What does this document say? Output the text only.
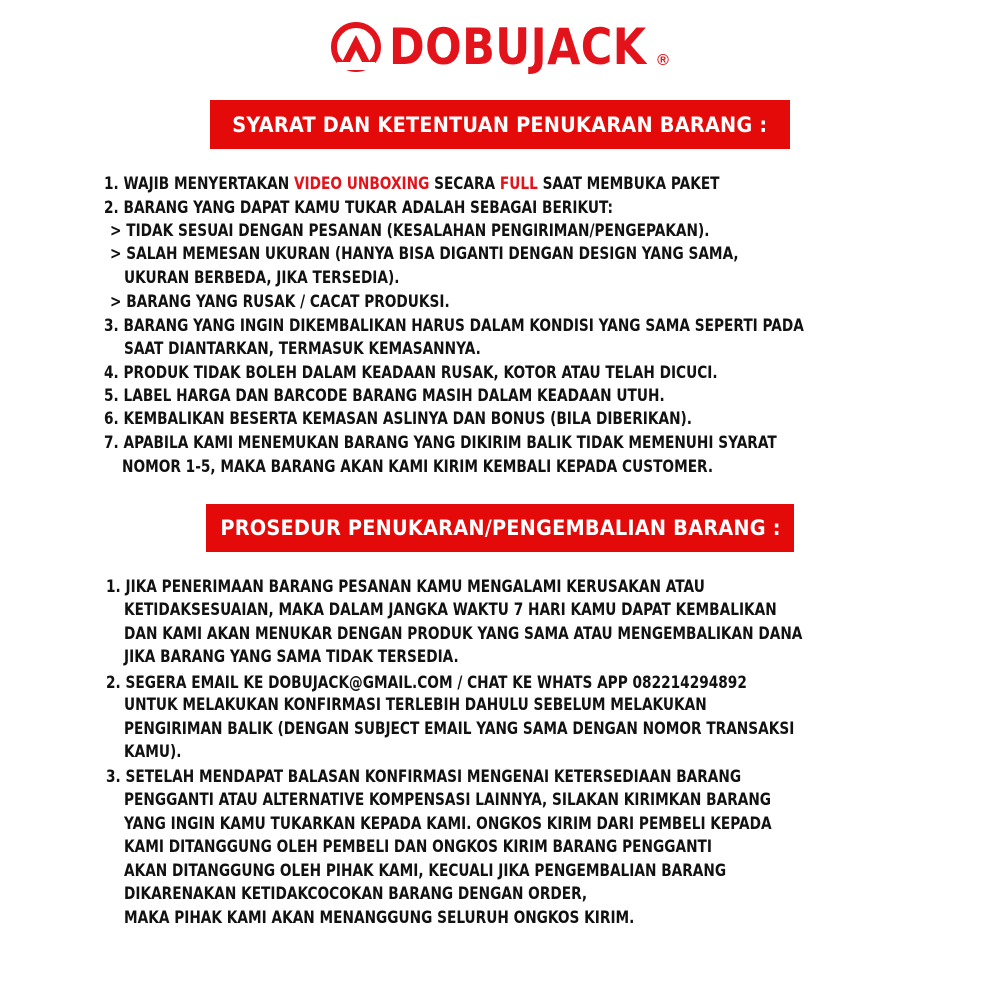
DOBUJACK ®
SYARAT DAN KETENTUAN PENUKARAN BARANG :
1. WAJIB MENYERTAKAN VIDEO UNBOXING SECARA FULL SAAT MEMBUKA PAKET
2. BARANG YANG DAPAT KAMU TUKAR ADALAH SEBAGAI BERIKUT:
> TIDAK SESUAI DENGAN PESANAN (KESALAHAN PENGIRIMAN/PENGEPAKAN).
> SALAH MEMESAN UKURAN (HANYA BISA DIGANTI DENGAN DESIGN YANG SAMA,
UKURAN BERBEDA, JIKA TERSEDIA).
> BARANG YANG RUSAK / CACAT PRODUKSI.
3. BARANG YANG INGIN DIKEMBALIKAN HARUS DALAM KONDISI YANG SAMA SEPERTI PADA
SAAT DIANTARKAN, TERMASUK KEMASANNYA.
4. PRODUK TIDAK BOLEH DALAM KEADAAN RUSAK, KOTOR ATAU TELAH DICUCI.
5. LABEL HARGA DAN BARCODE BARANG MASIH DALAM KEADAAN UTUH.
6. KEMBALIKAN BESERTA KEMASAN ASLINYA DAN BONUS (BILA DIBERIKAN).
7. APABILA KAMI MENEMUKAN BARANG YANG DIKIRIM BALIK TIDAK MEMENUHI SYARAT
NOMOR 1-5, MAKA BARANG AKAN KAMI KIRIM KEMBALI KEPADA CUSTOMER.
PROSEDUR PENUKARAN/PENGEMBALIAN BARANG :
1. JIKA PENERIMAAN BARANG PESANAN KAMU MENGALAMI KERUSAKAN ATAU
KETIDAKSESUAIAN, MAKA DALAM JANGKA WAKTU 7 HARI KAMU DAPAT KEMBALIKAN
DAN KAMI AKAN MENUKAR DENGAN PRODUK YANG SAMA ATAU MENGEMBALIKAN DANA
JIKA BARANG YANG SAMA TIDAK TERSEDIA.
2. SEGERA EMAIL KE DOBUJACK@GMAIL.COM / CHAT KE WHATS APP 082214294892
UNTUK MELAKUKAN KONFIRMASI TERLEBIH DAHULU SEBELUM MELAKUKAN
PENGIRIMAN BALIK (DENGAN SUBJECT EMAIL YANG SAMA DENGAN NOMOR TRANSAKSI
KAMU).
3. SETELAH MENDAPAT BALASAN KONFIRMASI MENGENAI KETERSEDIAAN BARANG
PENGGANTI ATAU ALTERNATIVE KOMPENSASI LAINNYA, SILAKAN KIRIMKAN BARANG
YANG INGIN KAMU TUKARKAN KEPADA KAMI. ONGKOS KIRIM DARI PEMBELI KEPADA
KAMI DITANGGUNG OLEH PEMBELI DAN ONGKOS KIRIM BARANG PENGGANTI
AKAN DITANGGUNG OLEH PIHAK KAMI, KECUALI JIKA PENGEMBALIAN BARANG
DIKARENAKAN KETIDAKCOCOKAN BARANG DENGAN ORDER,
MAKA PIHAK KAMI AKAN MENANGGUNG SELURUH ONGKOS KIRIM.
